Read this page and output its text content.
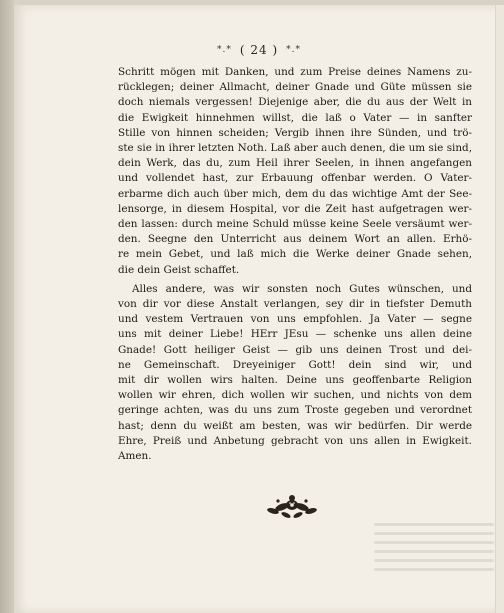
*.* ( 24 ) *.*

Schritt mögen mit Danken, und zum Preise deines Namens zu-
rücklegen; deiner Allmacht, deiner Gnade und Güte müssen sie
doch niemals vergessen! Diejenige aber, die du aus der Welt in
die Ewigkeit hinnehmen willst, die laß o Vater — in sanfter
Stille von hinnen scheiden; Vergib ihnen ihre Sünden, und trö-
ste sie in ihrer letzten Noth. Laß aber auch denen, die um sie sind,
dein Werk, das du, zum Heil ihrer Seelen, in ihnen angefangen
und vollendet hast, zur Erbauung offenbar werden. O Vater-
erbarme dich auch über mich, dem du das wichtige Amt der See-
lensorge, in diesem Hospital, vor die Zeit hast aufgetragen wer-
den lassen: durch meine Schuld müsse keine Seele versäumt wer-
den. Seegne den Unterricht aus deinem Wort an allen. Erhö-
re mein Gebet, und laß mich die Werke deiner Gnade sehen,
die dein Geist schaffet.

Alles andere, was wir sonsten noch Gutes wünschen, und
von dir vor diese Anstalt verlangen, sey dir in tiefster Demuth
und vestem Vertrauen von uns empfohlen. Ja Vater — segne
uns mit deiner Liebe! HErr JEsu — schenke uns allen deine
Gnade! Gott heiliger Geist — gib uns deinen Trost und dei-
ne Gemeinschaft. Dreyeiniger Gott! dein sind wir, und
mit dir wollen wirs halten. Deine uns geoffenbarte Religion
wollen wir ehren, dich wollen wir suchen, und nichts von dem
geringe achten, was du uns zum Troste gegeben und verordnet
hast; denn du weißt am besten, was wir bedürfen. Dir werde
Ehre, Preiß und Anbetung gebracht von uns allen in Ewigkeit.
Amen.
